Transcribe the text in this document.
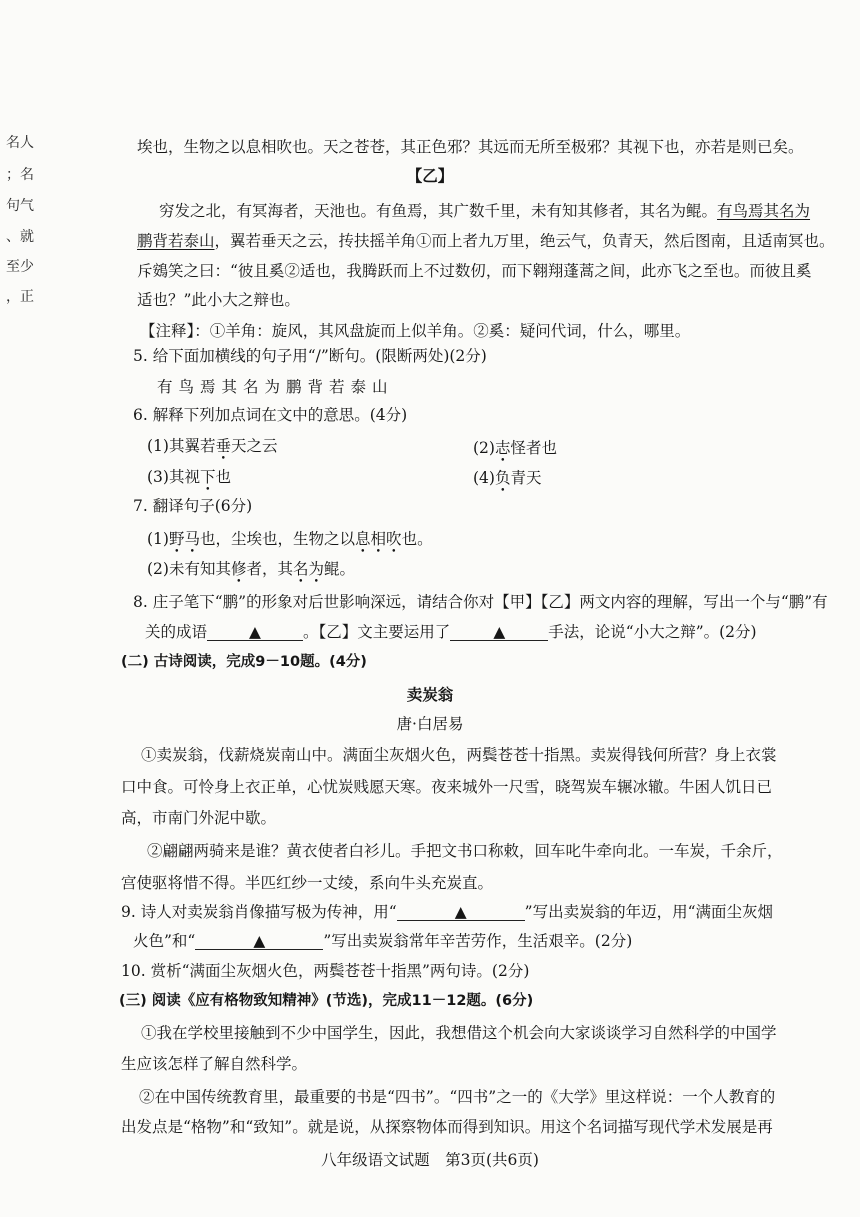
名人
；名
句气
、就
至少
，正
埃也，生物之以息相吹也。天之苍苍，其正色邪？其远而无所至极邪？其视下也，亦若是则已矣。
【乙】
穷发之北，有冥海者，天池也。有鱼焉，其广数千里，未有知其修者，其名为鲲。有鸟焉其名为
鹏背若泰山，翼若垂天之云，抟扶摇羊角①而上者九万里，绝云气，负青天，然后图南，且适南冥也。
斥鴳笑之曰：“彼且奚②适也，我腾跃而上不过数仞，而下翱翔蓬蒿之间，此亦飞之至也。而彼且奚
适也？”此小大之辩也。
【注释】：①羊角：旋风，其风盘旋而上似羊角。②奚：疑问代词，什么，哪里。
5. 给下面加横线的句子用“/”断句。(限断两处)(2分)
有鸟焉其名为鹏背若泰山
6. 解释下列加点词在文中的意思。(4分)
(1)其翼若垂天之云	(2)志怪者也
(3)其视下也	(4)负青天
7. 翻译句子(6分)
(1)野马也，尘埃也，生物之以息相吹也。
(2)未有知其修者，其名为鲲。
8. 庄子笔下“鹏”的形象对后世影响深远，请结合你对【甲】【乙】两文内容的理解，写出一个与“鹏”有
关的成语	▲	。【乙】文主要运用了	▲	手法，论说“小大之辩”。(2分)
(二) 古诗阅读，完成9－10题。(4分)
卖炭翁
唐·白居易
①卖炭翁，伐薪烧炭南山中。满面尘灰烟火色，两鬓苍苍十指黑。卖炭得钱何所营？身上衣裳
口中食。可怜身上衣正单，心忧炭贱愿天寒。夜来城外一尺雪，晓驾炭车辗冰辙。牛困人饥日已
高，市南门外泥中歇。
②翩翩两骑来是谁？黄衣使者白衫儿。手把文书口称敕，回车叱牛牵向北。一车炭，千余斤，
宫使驱将惜不得。半匹红纱一丈绫，系向牛头充炭直。
9. 诗人对卖炭翁肖像描写极为传神，用“	▲	”写出卖炭翁的年迈，用“满面尘灰烟
火色”和“	▲	”写出卖炭翁常年辛苦劳作，生活艰辛。(2分)
10. 赏析“满面尘灰烟火色，两鬓苍苍十指黑”两句诗。(2分)
(三) 阅读《应有格物致知精神》(节选)，完成11－12题。(6分)
①我在学校里接触到不少中国学生，因此，我想借这个机会向大家谈谈学习自然科学的中国学
生应该怎样了解自然科学。
②在中国传统教育里，最重要的书是“四书”。“四书”之一的《大学》里这样说：一个人教育的
出发点是“格物”和“致知”。就是说，从探察物体而得到知识。用这个名词描写现代学术发展是再
八年级语文试题　第3页(共6页)
